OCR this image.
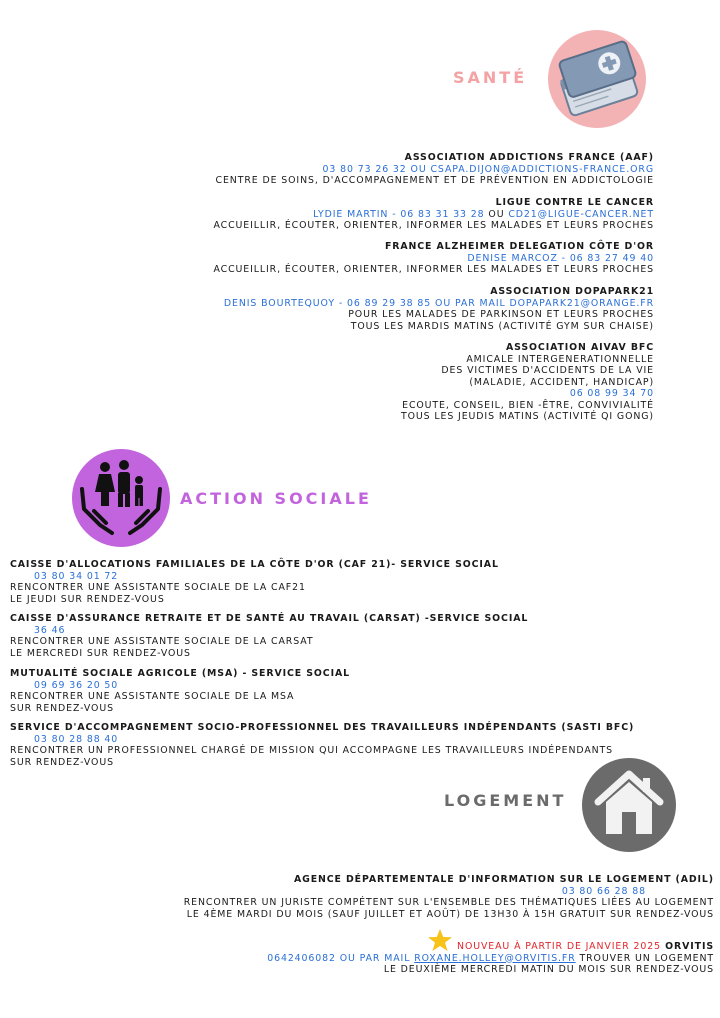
SANTÉ
ASSOCIATION ADDICTIONS FRANCE (AAF)
03 80 73 26 32 OU CSAPA.DIJON@ADDICTIONS-FRANCE.ORG
CENTRE DE SOINS, D'ACCOMPAGNEMENT ET DE PRÉVENTION EN ADDICTOLOGIE
LIGUE CONTRE LE CANCER
LYDIE MARTIN - 06 83 31 33 28 OU CD21@LIGUE-CANCER.NET
ACCUEILLIR, ÉCOUTER, ORIENTER, INFORMER LES MALADES ET LEURS PROCHES
FRANCE ALZHEIMER DELEGATION CÔTE D'OR
DENISE MARCOZ - 06 83 27 49 40
ACCUEILLIR, ÉCOUTER, ORIENTER, INFORMER LES MALADES ET LEURS PROCHES
ASSOCIATION DOPAPARK21
DENIS BOURTEQUOY - 06 89 29 38 85 OU PAR MAIL DOPAPARK21@ORANGE.FR
POUR LES MALADES DE PARKINSON ET LEURS PROCHES
TOUS LES MARDIS MATINS (ACTIVITÉ GYM SUR CHAISE)
ASSOCIATION AIVAV BFC
AMICALE INTERGENERATIONNELLE
DES VICTIMES D'ACCIDENTS DE LA VIE
(MALADIE, ACCIDENT, HANDICAP)
06 08 99 34 70
ECOUTE, CONSEIL, BIEN -ÊTRE, CONVIVIALITÉ
TOUS LES JEUDIS MATINS (ACTIVITÉ QI GONG)
ACTION SOCIALE
CAISSE D'ALLOCATIONS FAMILIALES DE LA CÔTE D'OR (CAF 21)- SERVICE SOCIAL
03 80 34 01 72
RENCONTRER UNE ASSISTANTE SOCIALE DE LA CAF21
LE JEUDI SUR RENDEZ-VOUS
CAISSE D'ASSURANCE RETRAITE ET DE SANTÉ AU TRAVAIL (CARSAT) -SERVICE SOCIAL
36 46
RENCONTRER UNE ASSISTANTE SOCIALE DE LA CARSAT
LE MERCREDI SUR RENDEZ-VOUS
MUTUALITÉ SOCIALE AGRICOLE (MSA) - SERVICE SOCIAL
09 69 36 20 50
RENCONTRER UNE ASSISTANTE SOCIALE DE LA MSA
SUR RENDEZ-VOUS
SERVICE D'ACCOMPAGNEMENT SOCIO-PROFESSIONNEL DES TRAVAILLEURS INDÉPENDANTS (SASTI BFC)
03 80 28 88 40
RENCONTRER UN PROFESSIONNEL CHARGÉ DE MISSION QUI ACCOMPAGNE LES TRAVAILLEURS INDÉPENDANTS
SUR RENDEZ-VOUS
LOGEMENT
AGENCE DÉPARTEMENTALE D'INFORMATION SUR LE LOGEMENT (ADIL)
03 80 66 28 88
RENCONTRER UN JURISTE COMPÉTENT SUR L'ENSEMBLE DES THÉMATIQUES LIÉES AU LOGEMENT
LE 4ÈME MARDI DU MOIS (SAUF JUILLET ET AOÛT) DE 13H30 À 15H GRATUIT SUR RENDEZ-VOUS
NOUVEAU À PARTIR DE JANVIER 2025 ORVITIS
0642406082 OU PAR MAIL ROXANE.HOLLEY@ORVITIS.FR TROUVER UN LOGEMENT
LE DEUXIÈME MERCREDI MATIN DU MOIS SUR RENDEZ-VOUS
